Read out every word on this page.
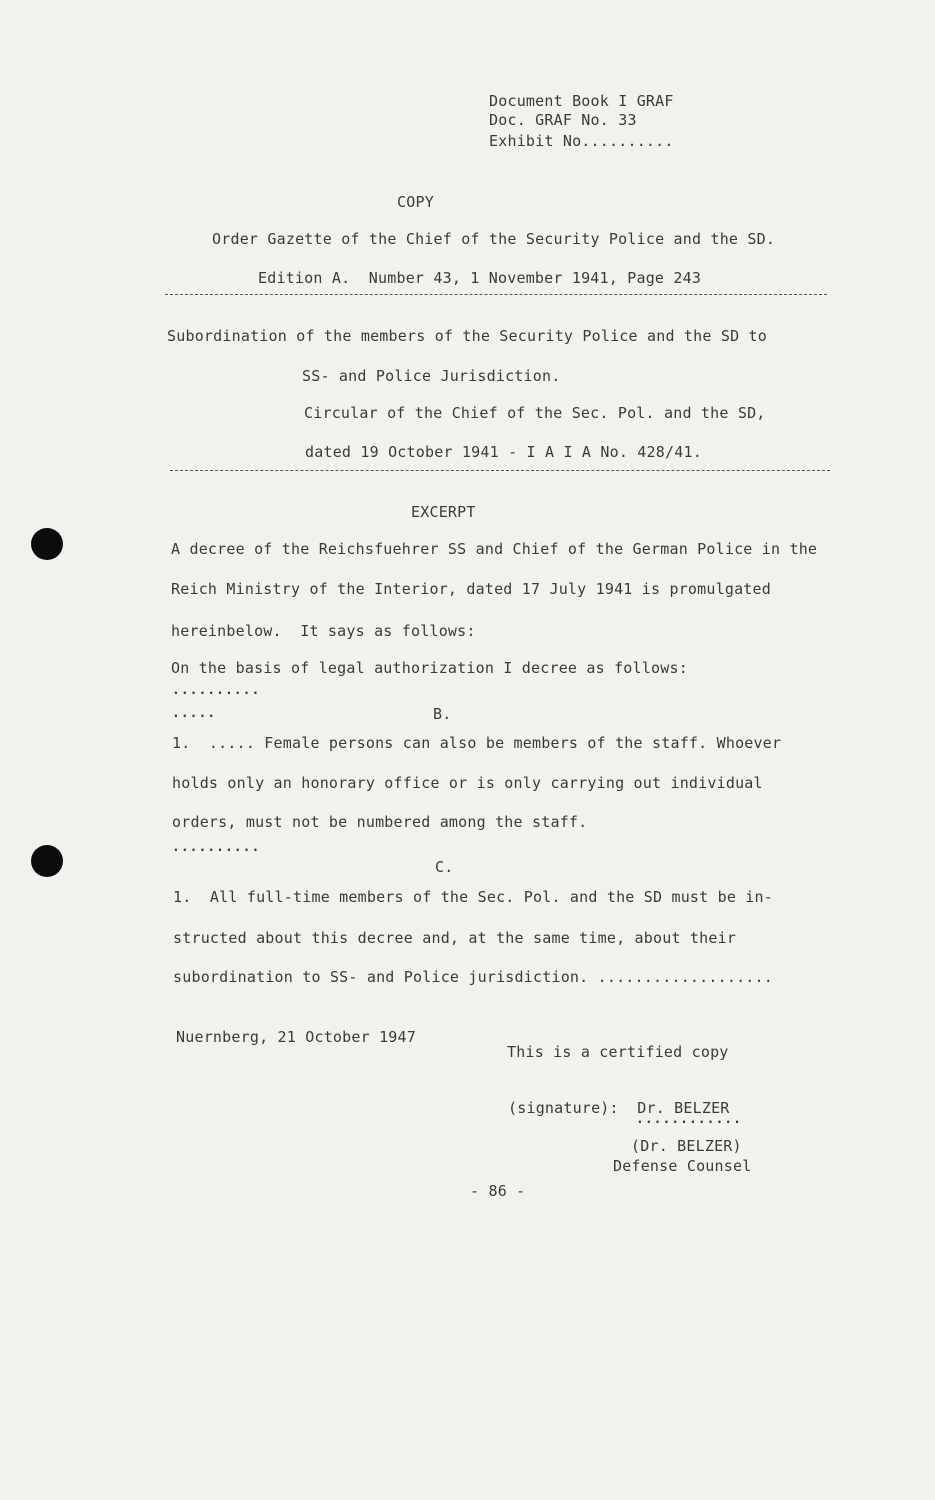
Document Book I GRAF
Doc. GRAF No. 33
Exhibit No..........
COPY
Order Gazette of the Chief of the Security Police and the SD.
Edition A.  Number 43, 1 November 1941, Page 243
Subordination of the members of the Security Police and the SD to
SS- and Police Jurisdiction.
Circular of the Chief of the Sec. Pol. and the SD,
dated 19 October 1941 - I A I A No. 428/41.
EXCERPT
A decree of the Reichsfuehrer SS and Chief of the German Police in the
Reich Ministry of the Interior, dated 17 July 1941 is promulgated
hereinbelow.  It says as follows:
On the basis of legal authorization I decree as follows:
..........
.....	B.
1.  ..... Female persons can also be members of the staff. Whoever
holds only an honorary office or is only carrying out individual
orders, must not be numbered among the staff.
..........
C.
1.  All full-time members of the Sec. Pol. and the SD must be in-
structed about this decree and, at the same time, about their
subordination to SS- and Police jurisdiction. ...................
Nuernberg, 21 October 1947
This is a certified copy
(signature):  Dr. BELZER
............
(Dr. BELZER)
Defense Counsel
- 86 -
